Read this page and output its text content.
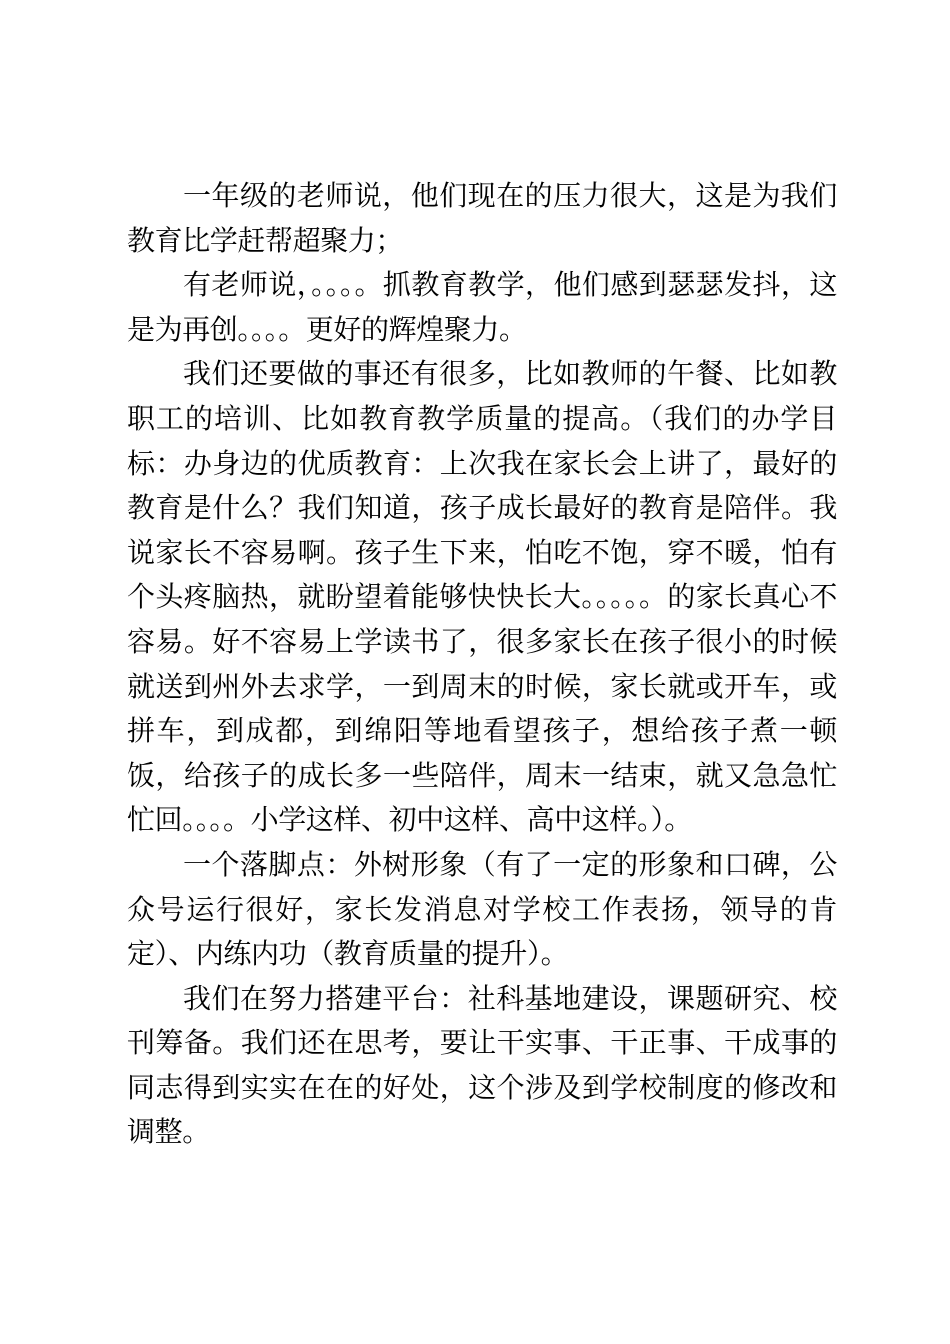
一年级的老师说，他们现在的压力很大，这是为我们教育比学赶帮超聚力；

有老师说，。。。。抓教育教学，他们感到瑟瑟发抖，这是为再创。。。。更好的辉煌聚力。

我们还要做的事还有很多，比如教师的午餐、比如教职工的培训、比如教育教学质量的提高。（我们的办学目标：办身边的优质教育：上次我在家长会上讲了，最好的教育是什么？我们知道，孩子成长最好的教育是陪伴。我说家长不容易啊。孩子生下来，怕吃不饱，穿不暖，怕有个头疼脑热，就盼望着能够快快长大。。。。。的家长真心不容易。好不容易上学读书了，很多家长在孩子很小的时候就送到州外去求学，一到周末的时候，家长就或开车，或拼车，到成都，到绵阳等地看望孩子，想给孩子煮一顿饭，给孩子的成长多一些陪伴，周末一结束，就又急急忙忙回。。。。小学这样、初中这样、高中这样。）。

一个落脚点：外树形象（有了一定的形象和口碑，公众号运行很好，家长发消息对学校工作表扬，领导的肯定）、内练内功（教育质量的提升）。

我们在努力搭建平台：社科基地建设，课题研究、校刊筹备。我们还在思考，要让干实事、干正事、干成事的同志得到实实在在的好处，这个涉及到学校制度的修改和调整。
